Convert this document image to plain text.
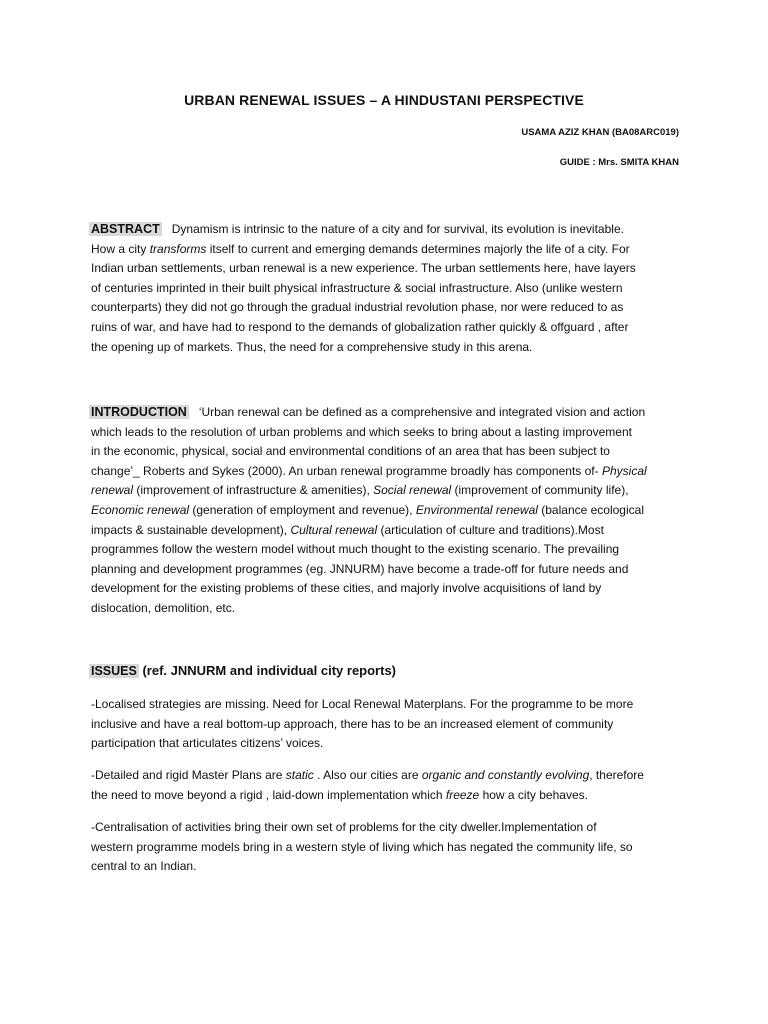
URBAN RENEWAL ISSUES – A HINDUSTANI PERSPECTIVE
USAMA AZIZ KHAN (BA08ARC019)
GUIDE : Mrs. SMITA KHAN
ABSTRACT Dynamism is intrinsic to the nature of a city and for survival, its evolution is inevitable.
How a city transforms itself to current and emerging demands determines majorly the life of a city. For
Indian urban settlements, urban renewal is a new experience. The urban settlements here, have layers
of centuries imprinted in their built physical infrastructure & social infrastructure. Also (unlike western
counterparts) they did not go through the gradual industrial revolution phase, nor were reduced to as
ruins of war, and have had to respond to the demands of globalization rather quickly & offguard , after
the opening up of markets. Thus, the need for a comprehensive study in this arena.
INTRODUCTION ‘Urban renewal can be defined as a comprehensive and integrated vision and action
which leads to the resolution of urban problems and which seeks to bring about a lasting improvement
in the economic, physical, social and environmental conditions of an area that has been subject to
change’_ Roberts and Sykes (2000). An urban renewal programme broadly has components of- Physical
renewal (improvement of infrastructure & amenities), Social renewal (improvement of community life),
Economic renewal (generation of employment and revenue), Environmental renewal (balance ecological
impacts & sustainable development), Cultural renewal (articulation of culture and traditions).Most
programmes follow the western model without much thought to the existing scenario. The prevailing
planning and development programmes (eg. JNNURM) have become a trade-off for future needs and
development for the existing problems of these cities, and majorly involve acquisitions of land by
dislocation, demolition, etc.
ISSUES (ref. JNNURM and individual city reports)
-Localised strategies are missing. Need for Local Renewal Materplans. For the programme to be more
inclusive and have a real bottom-up approach, there has to be an increased element of community
participation that articulates citizens’ voices.
-Detailed and rigid Master Plans are static . Also our cities are organic and constantly evolving, therefore
the need to move beyond a rigid , laid-down implementation which freeze how a city behaves.
-Centralisation of activities bring their own set of problems for the city dweller.Implementation of
western programme models bring in a western style of living which has negated the community life, so
central to an Indian.
